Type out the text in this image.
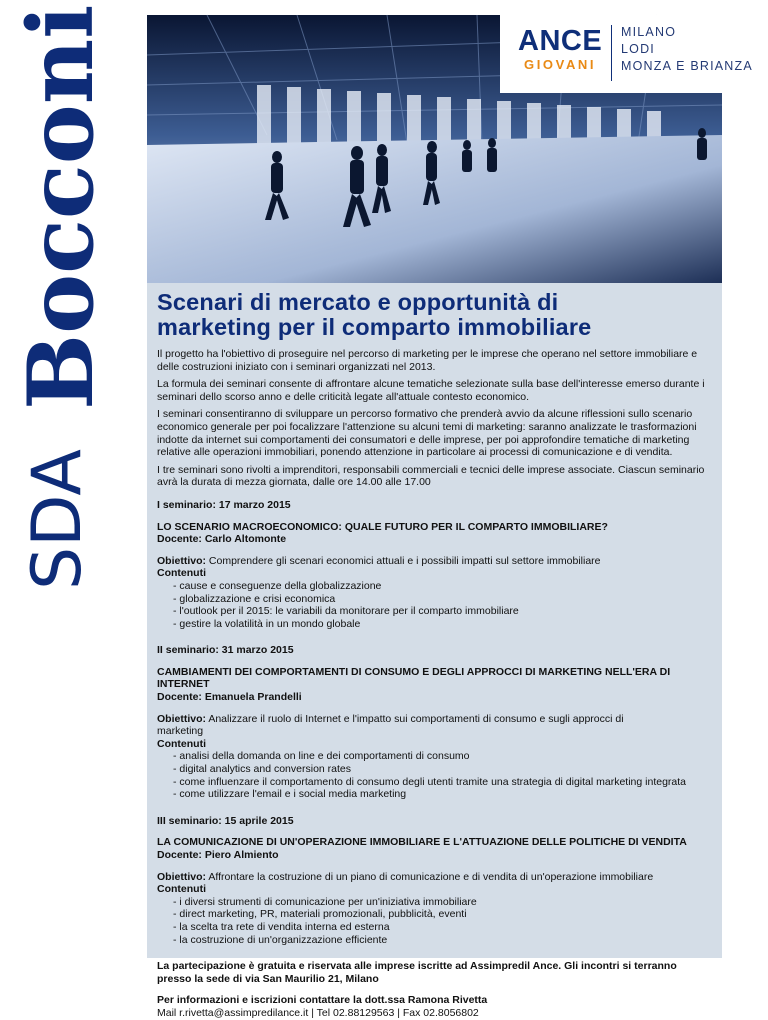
SDA
Bocconi	ANCE
GIOVANI
MILANO
LODI
MONZA E BRIANZA
Scenari di mercato e opportunità di
marketing per il comparto immobiliare

Il progetto ha l'obiettivo di proseguire nel percorso di marketing per le imprese che operano nel settore immobiliare e delle costruzioni iniziato con i seminari organizzati nel 2013.

La formula dei seminari consente di affrontare alcune tematiche selezionate sulla base dell'interesse emerso durante i seminari dello scorso anno e delle criticità legate all'attuale contesto economico.

I seminari consentiranno di sviluppare un percorso formativo che prenderà avvio da alcune riflessioni sullo scenario economico generale per poi focalizzare l'attenzione su alcuni temi di marketing: saranno analizzate le trasformazioni indotte da internet sui comportamenti dei consumatori e delle imprese, per poi approfondire tematiche di marketing relative alle operazioni immobiliari, ponendo attenzione in particolare ai processi di comunicazione e di vendita.

I tre seminari sono rivolti a imprenditori, responsabili commerciali e tecnici delle imprese associate. Ciascun seminario avrà la durata di mezza giornata, dalle ore 14.00 alle 17.00

I seminario: 17 marzo 2015
LO SCENARIO MACROECONOMICO: QUALE FUTURO PER IL COMPARTO IMMOBILIARE?
Docente: Carlo Altomonte
Obiettivo: Comprendere gli scenari economici attuali e i possibili impatti sul settore immobiliare
Contenuti
- cause e conseguenze della globalizzazione
- globalizzazione e crisi economica
- l'outlook per il 2015: le variabili da monitorare per il comparto immobiliare
- gestire la volatilità in un mondo globale
II seminario: 31 marzo 2015
CAMBIAMENTI DEI COMPORTAMENTI DI CONSUMO E DEGLI APPROCCI DI MARKETING NELL'ERA DI INTERNET
Docente: Emanuela Prandelli
Obiettivo: Analizzare il ruolo di Internet e l'impatto sui comportamenti di consumo e sugli approcci di marketing
Contenuti
- analisi della domanda on line e dei comportamenti di consumo
- digital analytics and conversion rates
- come influenzare il comportamento di consumo degli utenti tramite una strategia di digital marketing integrata
- come utilizzare l'email e i social media marketing
III seminario: 15 aprile 2015
LA COMUNICAZIONE DI UN'OPERAZIONE IMMOBILIARE E L'ATTUAZIONE DELLE POLITICHE DI VENDITA
Docente: Piero Almiento
Obiettivo: Affrontare la costruzione di un piano di comunicazione e di vendita di un'operazione immobiliare
Contenuti
- i diversi strumenti di comunicazione per un'iniziativa immobiliare
- direct marketing, PR, materiali promozionali, pubblicità, eventi
- la scelta tra rete di vendita interna ed esterna
- la costruzione di un'organizzazione efficiente
La partecipazione è gratuita e riservata alle imprese iscritte ad Assimpredil Ance. Gli incontri si terranno presso la sede di via San Maurilio 21, Milano
Per informazioni e iscrizioni contattare la dott.ssa Ramona Rivetta
Mail r.rivetta@assimpredilance.it | Tel 02.88129563 | Fax 02.8056802
